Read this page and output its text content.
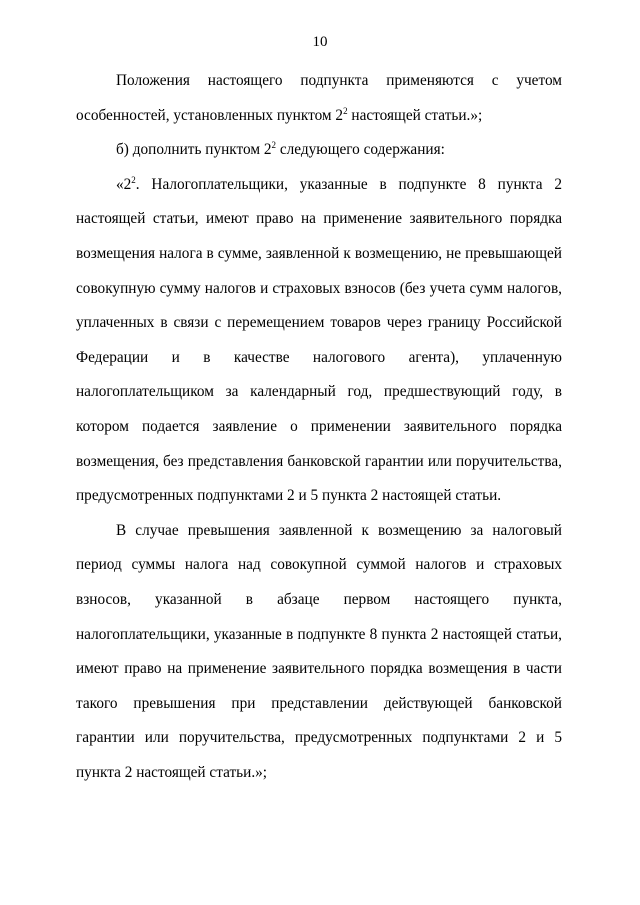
10

Положения настоящего подпункта применяются с учетом
особенностей, установленных пунктом $2^2$ настоящей статьи.»;

б) дополнить пунктом $2^2$ следующего содержания:

«$2^2$. Налогоплательщики, указанные в подпункте 8 пункта 2 настоящей статьи, имеют право на применение заявительного порядка возмещения налога в сумме, заявленной к возмещению, не превышающей совокупную сумму налогов и страховых взносов (без учета сумм налогов, уплаченных в связи с перемещением товаров через границу Российской Федерации и в качестве налогового агента), уплаченную налогоплательщиком за календарный год, предшествующий году, в котором подается заявление о применении заявительного порядка возмещения, без представления банковской гарантии или поручительства, предусмотренных подпунктами 2 и 5 пункта 2 настоящей статьи.

В случае превышения заявленной к возмещению за налоговый период суммы налога над совокупной суммой налогов и страховых взносов, указанной в абзаце первом настоящего пункта, налогоплательщики, указанные в подпункте 8 пункта 2 настоящей статьи, имеют право на применение заявительного порядка возмещения в части такого превышения при представлении действующей банковской гарантии или поручительства, предусмотренных подпунктами 2 и 5 пункта 2 настоящей статьи.»;
